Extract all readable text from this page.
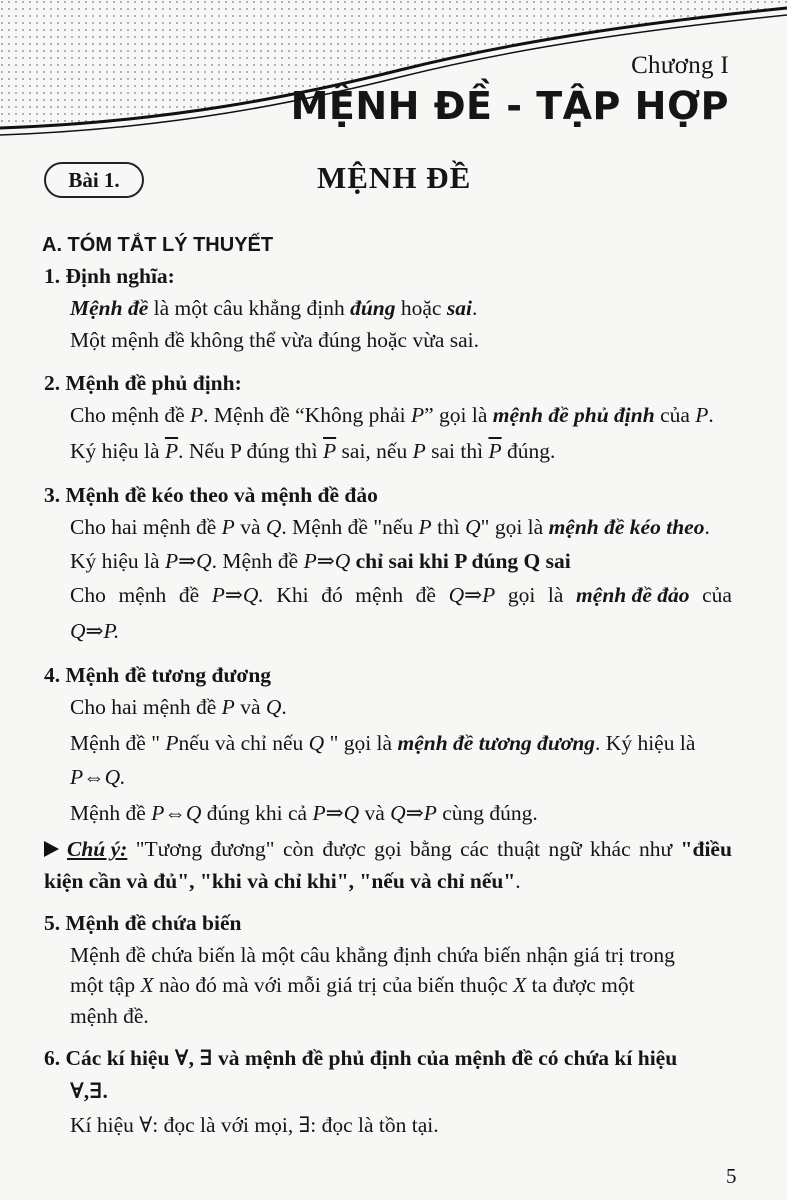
Chương I
MỆNH ĐỀ - TẬP HỢP
Bài 1.	MỆNH ĐỀ
A. TÓM TẮT LÝ THUYẾT
1. Định nghĩa:
Mệnh đề là một câu khẳng định đúng hoặc sai.
Một mệnh đề không thể vừa đúng hoặc vừa sai.
2. Mệnh đề phủ định:
Cho mệnh đề P. Mệnh đề “Không phải P” gọi là mệnh đề phủ định của P.
Ký hiệu là $\overline{P}$. Nếu P đúng thì $\overline{P}$ sai, nếu P sai thì $\overline{P}$ đúng.
3. Mệnh đề kéo theo và mệnh đề đảo
Cho hai mệnh đề P và Q. Mệnh đề "nếu P thì Q" gọi là mệnh đề kéo theo.
Ký hiệu là P⇒Q. Mệnh đề P⇒Q chỉ sai khi P đúng Q sai
Cho mệnh đề P⇒Q. Khi đó mệnh đề Q⇒P gọi là mệnh đề đảo của
Q⇒P.
4. Mệnh đề tương đương
Cho hai mệnh đề P và Q.
Mệnh đề " Pnếu và chỉ nếu Q " gọi là mệnh đề tương đương. Ký hiệu là
P⇔Q.
Mệnh đề P⇔Q đúng khi cả P⇒Q và Q⇒P cùng đúng.
Chú ý: "Tương đương" còn được gọi bằng các thuật ngữ khác như "điều
kiện cần và đủ", "khi và chỉ khi", "nếu và chỉ nếu".
5. Mệnh đề chứa biến
Mệnh đề chứa biến là một câu khẳng định chứa biến nhận giá trị trong
một tập X nào đó mà với mỗi giá trị của biến thuộc X ta được một
mệnh đề.
6. Các kí hiệu ∀, ∃ và mệnh đề phủ định của mệnh đề có chứa kí hiệu
∀,∃.
Kí hiệu ∀: đọc là với mọi, ∃: đọc là tồn tại.
5
